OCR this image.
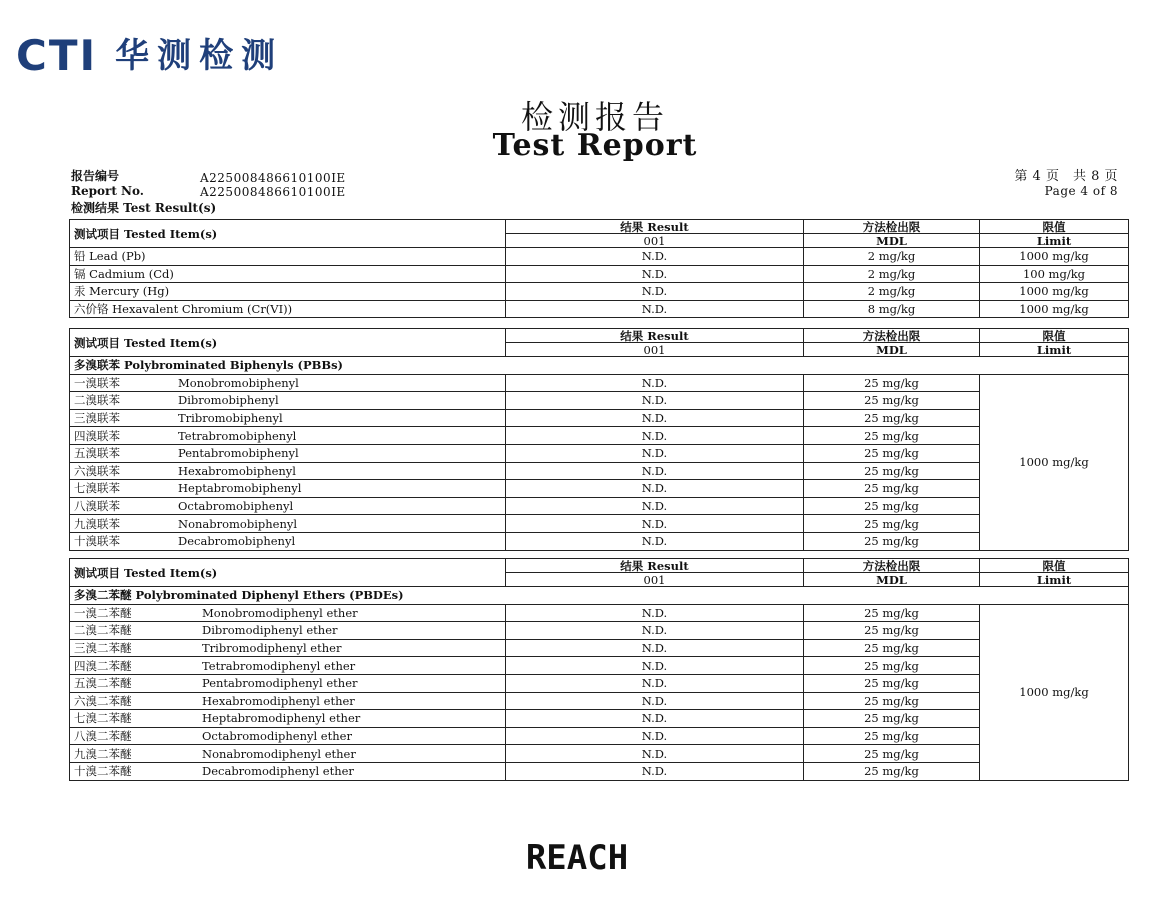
CTI 华测检测
检测报告
Test Report
报告编号	A225008486610100IE
Report No.	A225008486610100IE
第 4 页　共 8 页
Page 4 of 8
检测结果 Test Result(s)
测试项目 Tested Item(s)	结果 Result	方法检出限	限值
	001	MDL	Limit
铅 Lead (Pb)	N.D.	2 mg/kg	1000 mg/kg
镉 Cadmium (Cd)	N.D.	2 mg/kg	100 mg/kg
汞 Mercury (Hg)	N.D.	2 mg/kg	1000 mg/kg
六价铬 Hexavalent Chromium (Cr(VI))	N.D.	8 mg/kg	1000 mg/kg
测试项目 Tested Item(s)	结果 Result	方法检出限	限值
	001	MDL	Limit
多溴联苯 Polybrominated Biphenyls (PBBs)			
一溴联苯 Monobromobiphenyl	N.D.	25 mg/kg	1000 mg/kg
二溴联苯 Dibromobiphenyl	N.D.	25 mg/kg	
三溴联苯 Tribromobiphenyl	N.D.	25 mg/kg	
四溴联苯 Tetrabromobiphenyl	N.D.	25 mg/kg	
五溴联苯 Pentabromobiphenyl	N.D.	25 mg/kg	
六溴联苯 Hexabromobiphenyl	N.D.	25 mg/kg	
七溴联苯 Heptabromobiphenyl	N.D.	25 mg/kg	
八溴联苯 Octabromobiphenyl	N.D.	25 mg/kg	
九溴联苯 Nonabromobiphenyl	N.D.	25 mg/kg	
十溴联苯 Decabromobiphenyl	N.D.	25 mg/kg	
测试项目 Tested Item(s)	结果 Result	方法检出限	限值
	001	MDL	Limit
多溴二苯醚 Polybrominated Diphenyl Ethers (PBDEs)			
一溴二苯醚 Monobromodiphenyl ether	N.D.	25 mg/kg	1000 mg/kg
二溴二苯醚 Dibromodiphenyl ether	N.D.	25 mg/kg	
三溴二苯醚 Tribromodiphenyl ether	N.D.	25 mg/kg	
四溴二苯醚 Tetrabromodiphenyl ether	N.D.	25 mg/kg	
五溴二苯醚 Pentabromodiphenyl ether	N.D.	25 mg/kg	
六溴二苯醚 Hexabromodiphenyl ether	N.D.	25 mg/kg	
七溴二苯醚 Heptabromodiphenyl ether	N.D.	25 mg/kg	
八溴二苯醚 Octabromodiphenyl ether	N.D.	25 mg/kg	
九溴二苯醚 Nonabromodiphenyl ether	N.D.	25 mg/kg	
十溴二苯醚 Decabromodiphenyl ether	N.D.	25 mg/kg	
REACH
